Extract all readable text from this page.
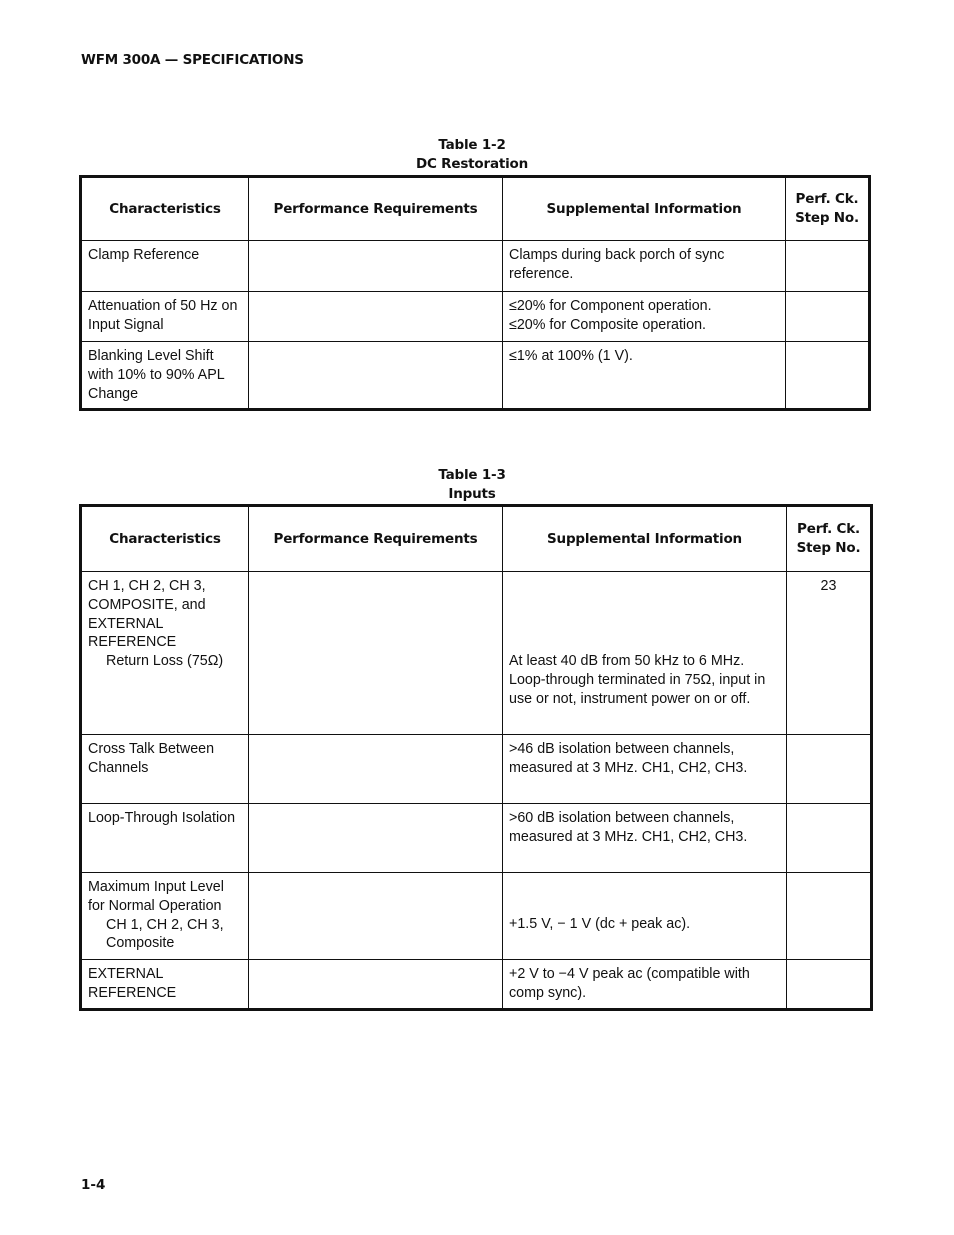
WFM 300A — SPECIFICATIONS
Table 1-2
DC Restoration
Characteristics	Performance Requirements	Supplemental Information	Perf. Ck.
Step No.
Clamp Reference		Clamps during back porch of sync reference.	
Attenuation of 50 Hz on Input Signal		≤20% for Component operation.
≤20% for Composite operation.	
Blanking Level Shift with 10% to 90% APL Change		≤1% at 100% (1 V).	
Table 1-3
Inputs
Characteristics	Performance Requirements	Supplemental Information	Perf. Ck.
Step No.

CH 1, CH 2, CH 3, COMPOSITE, and EXTERNAL REFERENCE
Return Loss (75Ω)		At least 40 dB from 50 kHz to 6 MHz. Loop-through terminated in 75Ω, input in use or not, instrument power on or off.	23
Cross Talk Between Channels		>46 dB isolation between channels, measured at 3 MHz. CH1, CH2, CH3.	
Loop-Through Isolation		>60 dB isolation between channels, measured at 3 MHz. CH1, CH2, CH3.	

Maximum Input Level for Normal Operation
CH 1, CH 2, CH 3, Composite		+1.5 V, − 1 V (dc + peak ac).	

EXTERNAL REFERENCE		+2 V to −4 V peak ac (compatible with comp sync).	
1-4
